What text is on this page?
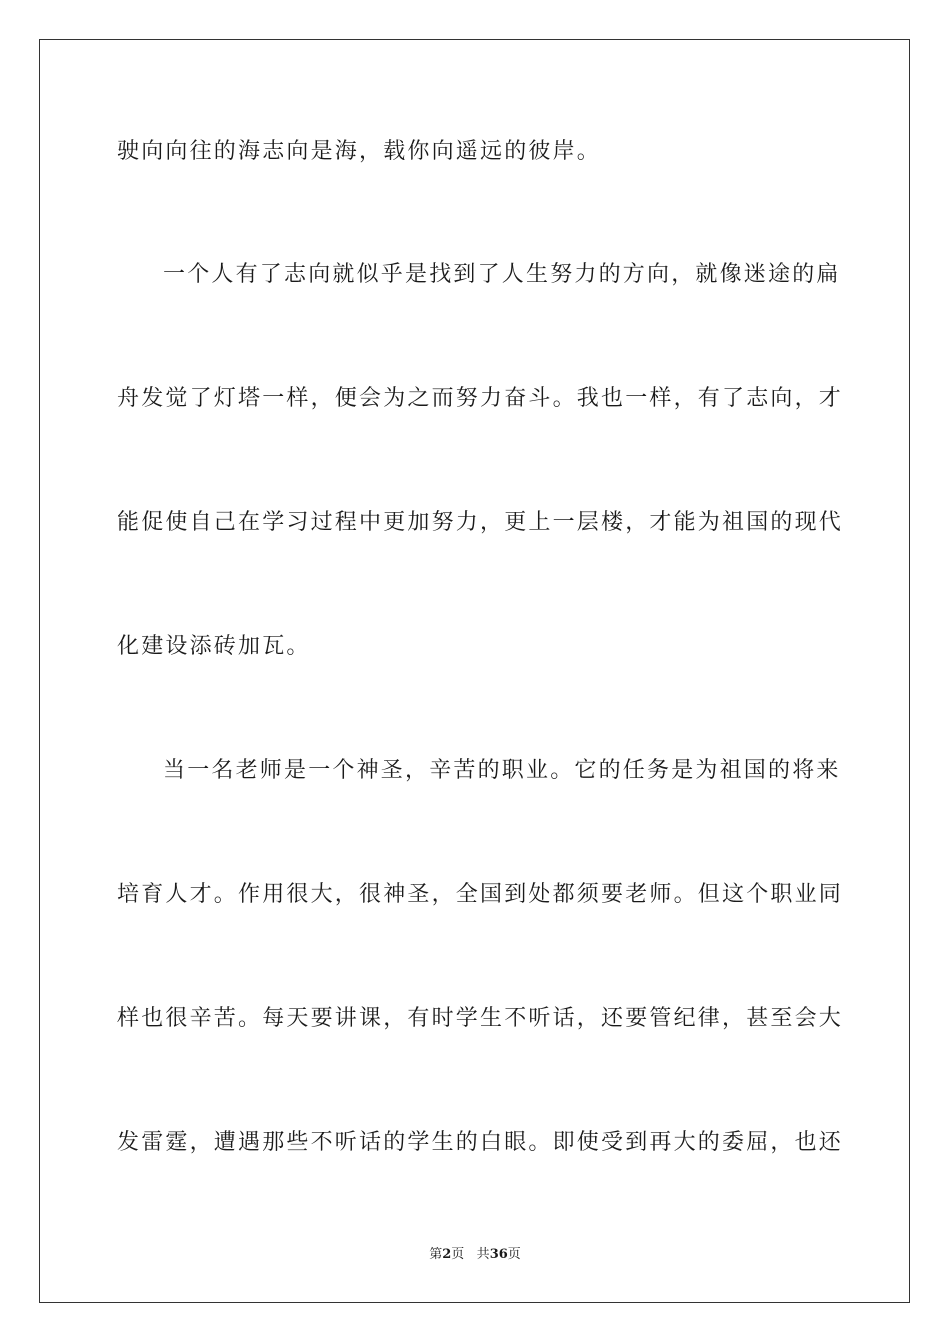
驶向向往的海志向是海，载你向遥远的彼岸。
一个人有了志向就似乎是找到了人生努力的方向，就像迷途的扁
舟发觉了灯塔一样，便会为之而努力奋斗。我也一样，有了志向，才
能促使自己在学习过程中更加努力，更上一层楼，才能为祖国的现代
化建设添砖加瓦。
当一名老师是一个神圣，辛苦的职业。它的任务是为祖国的将来
培育人才。作用很大，很神圣，全国到处都须要老师。但这个职业同
样也很辛苦。每天要讲课，有时学生不听话，还要管纪律，甚至会大
发雷霆，遭遇那些不听话的学生的白眼。即使受到再大的委屈，也还
第2页 共36页
